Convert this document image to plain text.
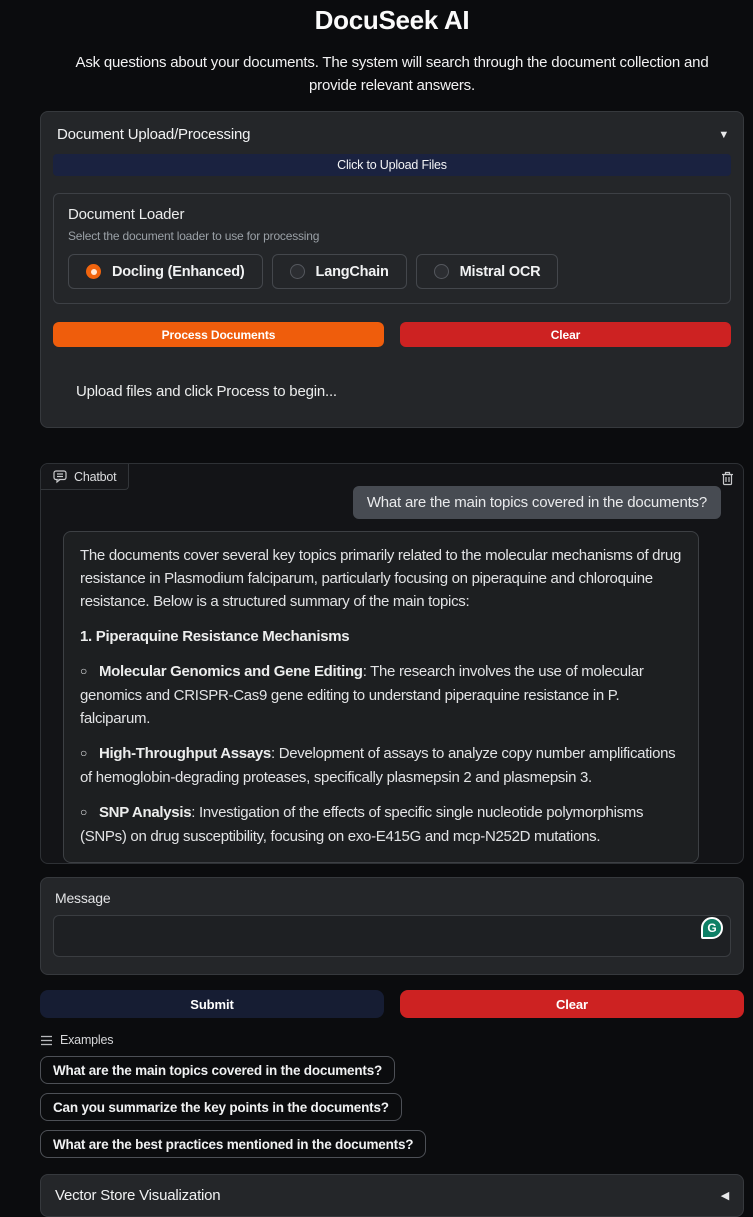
DocuSeek AI

Ask questions about your documents. The system will search through the document collection and provide relevant answers.

Document Upload/Processing	▼
Click to Upload Files
Document Loader
Select the document loader to use for processing
Docling (Enhanced)	LangChain	Mistral OCR
Process Documents	Clear
Upload files and click Process to begin...
Chatbot
What are the main topics covered in the documents?

The documents cover several key topics primarily related to the molecular mechanisms of drug resistance in Plasmodium falciparum, particularly focusing on piperaquine and chloroquine resistance. Below is a structured summary of the main topics:

1. Piperaquine Resistance Mechanisms

○ Molecular Genomics and Gene Editing: The research involves the use of molecular genomics and CRISPR-Cas9 gene editing to understand piperaquine resistance in P. falciparum.

○ High-Throughput Assays: Development of assays to analyze copy number amplifications of hemoglobin-degrading proteases, specifically plasmepsin 2 and plasmepsin 3.

○ SNP Analysis: Investigation of the effects of specific single nucleotide polymorphisms (SNPs) on drug susceptibility, focusing on exo-E415G and mcp-N252D mutations.

Message
G
Submit	Clear
Examples
What are the main topics covered in the documents?
Can you summarize the key points in the documents?
What are the best practices mentioned in the documents?
Vector Store Visualization	◀
